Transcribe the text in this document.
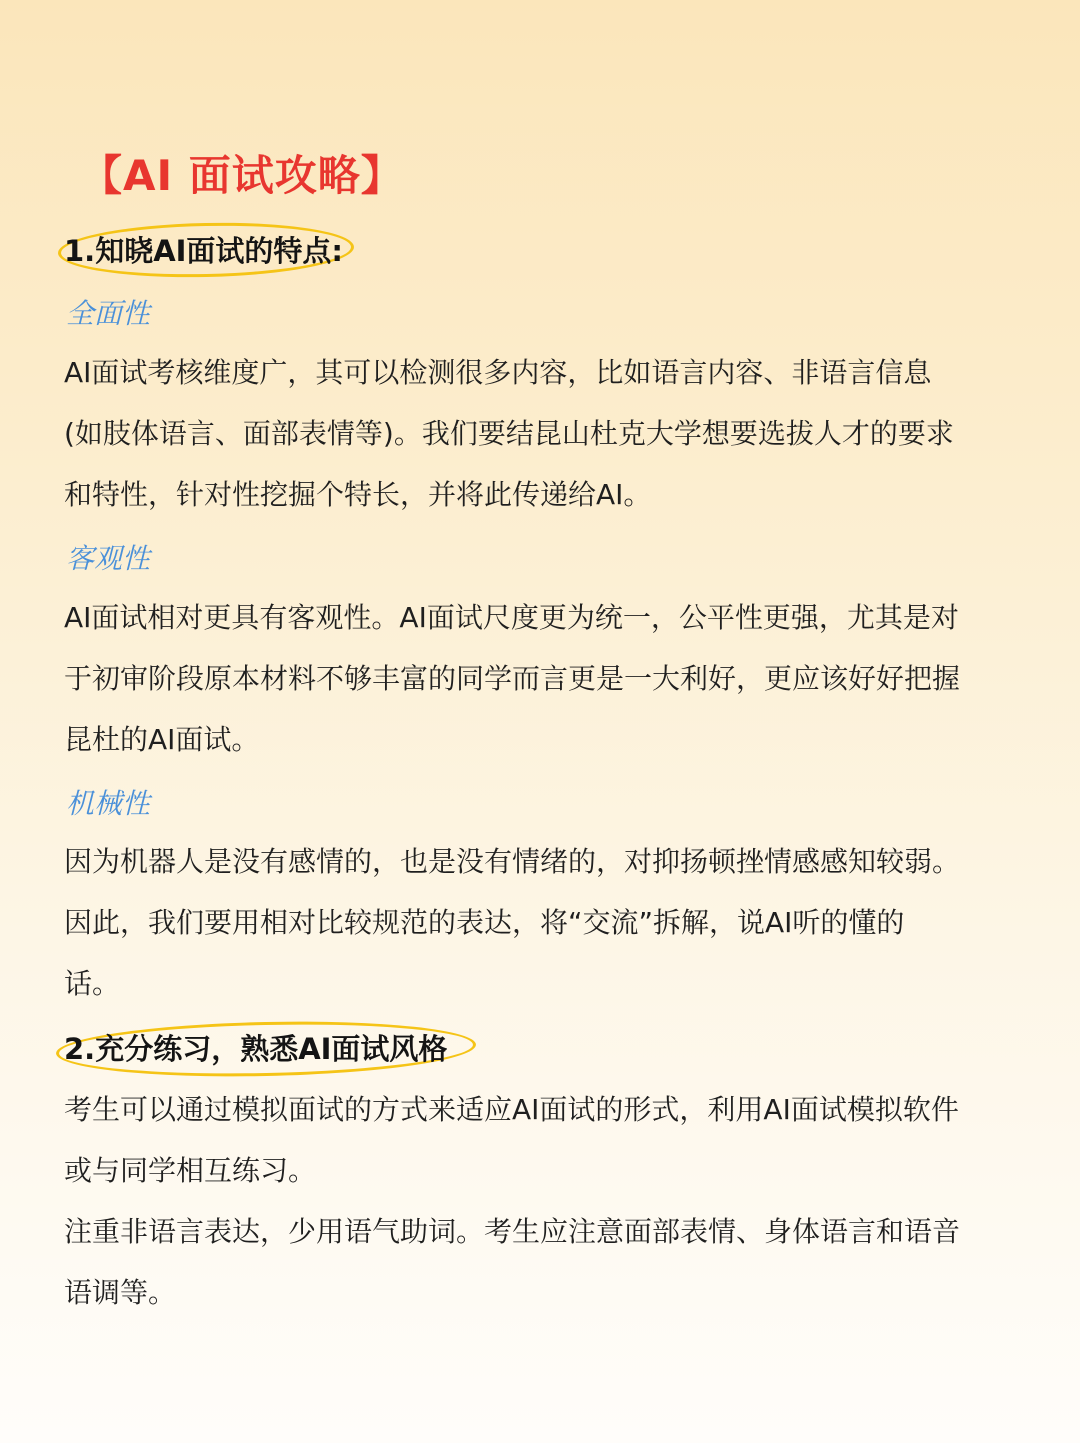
【AI 面试攻略】
1.知晓AI面试的特点:
全面性
AI面试考核维度广，其可以检测很多内容，比如语言内容、非语言信息
(如肢体语言、面部表情等)。我们要结昆山杜克大学想要选拔人才的要求
和特性，针对性挖掘个特长，并将此传递给AI。
客观性
AI面试相对更具有客观性。AI面试尺度更为统一，公平性更强，尤其是对
于初审阶段原本材料不够丰富的同学而言更是一大利好，更应该好好把握
昆杜的AI面试。
机械性
因为机器人是没有感情的，也是没有情绪的，对抑扬顿挫情感感知较弱。
因此，我们要用相对比较规范的表达，将“交流”拆解，说AI听的懂的
话。
2.充分练习，熟悉AI面试风格
考生可以通过模拟面试的方式来适应AI面试的形式，利用AI面试模拟软件
或与同学相互练习。
注重非语言表达，少用语气助词。考生应注意面部表情、身体语言和语音
语调等。
